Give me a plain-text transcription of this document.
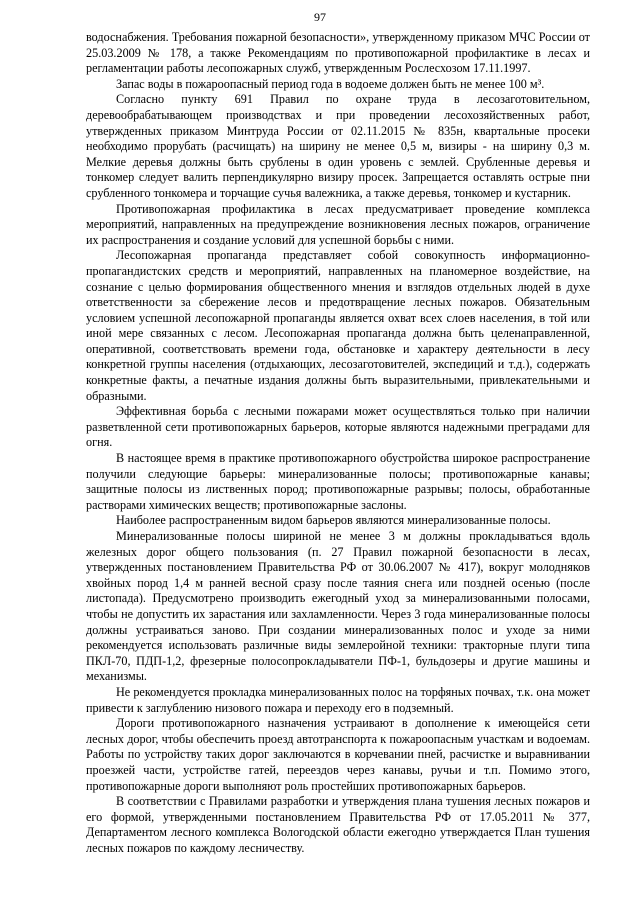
97

водоснабжения. Требования пожарной безопасности», утвержденному приказом МЧС России от 25.03.2009 № 178, а также Рекомендациям по противопожарной профилактике в лесах и регламентации работы лесопожарных служб, утвержденным Рослесхозом 17.11.1997.

Запас воды в пожароопасный период года в водоеме должен быть не менее 100 м³.

Согласно пункту 691 Правил по охране труда в лесозаготовительном, деревообрабатывающем производствах и при проведении лесохозяйственных работ, утвержденных приказом Минтруда России от 02.11.2015 № 835н, квартальные просеки необходимо прорубать (расчищать) на ширину не менее 0,5 м, визиры - на ширину 0,3 м. Мелкие деревья должны быть срублены в один уровень с землей. Срубленные деревья и тонкомер следует валить перпендикулярно визиру просек. Запрещается оставлять острые пни срубленного тонкомера и торчащие сучья валежника, а также деревья, тонкомер и кустарник.

Противопожарная профилактика в лесах предусматривает проведение комплекса мероприятий, направленных на предупреждение возникновения лесных пожаров, ограничение их распространения и создание условий для успешной борьбы с ними.

Лесопожарная пропаганда представляет собой совокупность информационно-пропагандистских средств и мероприятий, направленных на планомерное воздействие, на сознание с целью формирования общественного мнения и взглядов отдельных людей в духе ответственности за сбережение лесов и предотвращение лесных пожаров. Обязательным условием успешной лесопожарной пропаганды является охват всех слоев населения, в той или иной мере связанных с лесом. Лесопожарная пропаганда должна быть целенаправленной, оперативной, соответствовать времени года, обстановке и характеру деятельности в лесу конкретной группы населения (отдыхающих, лесозаготовителей, экспедиций и т.д.), содержать конкретные факты, а печатные издания должны быть выразительными, привлекательными и образными.

Эффективная борьба с лесными пожарами может осуществляться только при наличии разветвленной сети противопожарных барьеров, которые являются надежными преградами для огня.

В настоящее время в практике противопожарного обустройства широкое распространение получили следующие барьеры: минерализованные полосы; противопожарные канавы; защитные полосы из лиственных пород; противопожарные разрывы; полосы, обработанные растворами химических веществ; противопожарные заслоны.

Наиболее распространенным видом барьеров являются минерализованные полосы.

Минерализованные полосы шириной не менее 3 м должны прокладываться вдоль железных дорог общего пользования (п. 27 Правил пожарной безопасности в лесах, утвержденных постановлением Правительства РФ от 30.06.2007 № 417), вокруг молодняков хвойных пород 1,4 м ранней весной сразу после таяния снега или поздней осенью (после листопада). Предусмотрено производить ежегодный уход за минерализованными полосами, чтобы не допустить их зарастания или захламленности. Через 3 года минерализованные полосы должны устраиваться заново. При создании минерализованных полос и уходе за ними рекомендуется использовать различные виды землеройной техники: тракторные плуги типа ПКЛ-70, ПДП-1,2, фрезерные полосопрокладыватели ПФ-1, бульдозеры и другие машины и механизмы.

Не рекомендуется прокладка минерализованных полос на торфяных почвах, т.к. она может привести к заглублению низового пожара и переходу его в подземный.

Дороги противопожарного назначения устраивают в дополнение к имеющейся сети лесных дорог, чтобы обеспечить проезд автотранспорта к пожароопасным участкам и водоемам. Работы по устройству таких дорог заключаются в корчевании пней, расчистке и выравнивании проезжей части, устройстве гатей, переездов через канавы, ручьи и т.п. Помимо этого, противопожарные дороги выполняют роль простейших противопожарных барьеров.

В соответствии с Правилами разработки и утверждения плана тушения лесных пожаров и его формой, утвержденными постановлением Правительства РФ от 17.05.2011 № 377, Департаментом лесного комплекса Вологодской области ежегодно утверждается План тушения лесных пожаров по каждому лесничеству.
